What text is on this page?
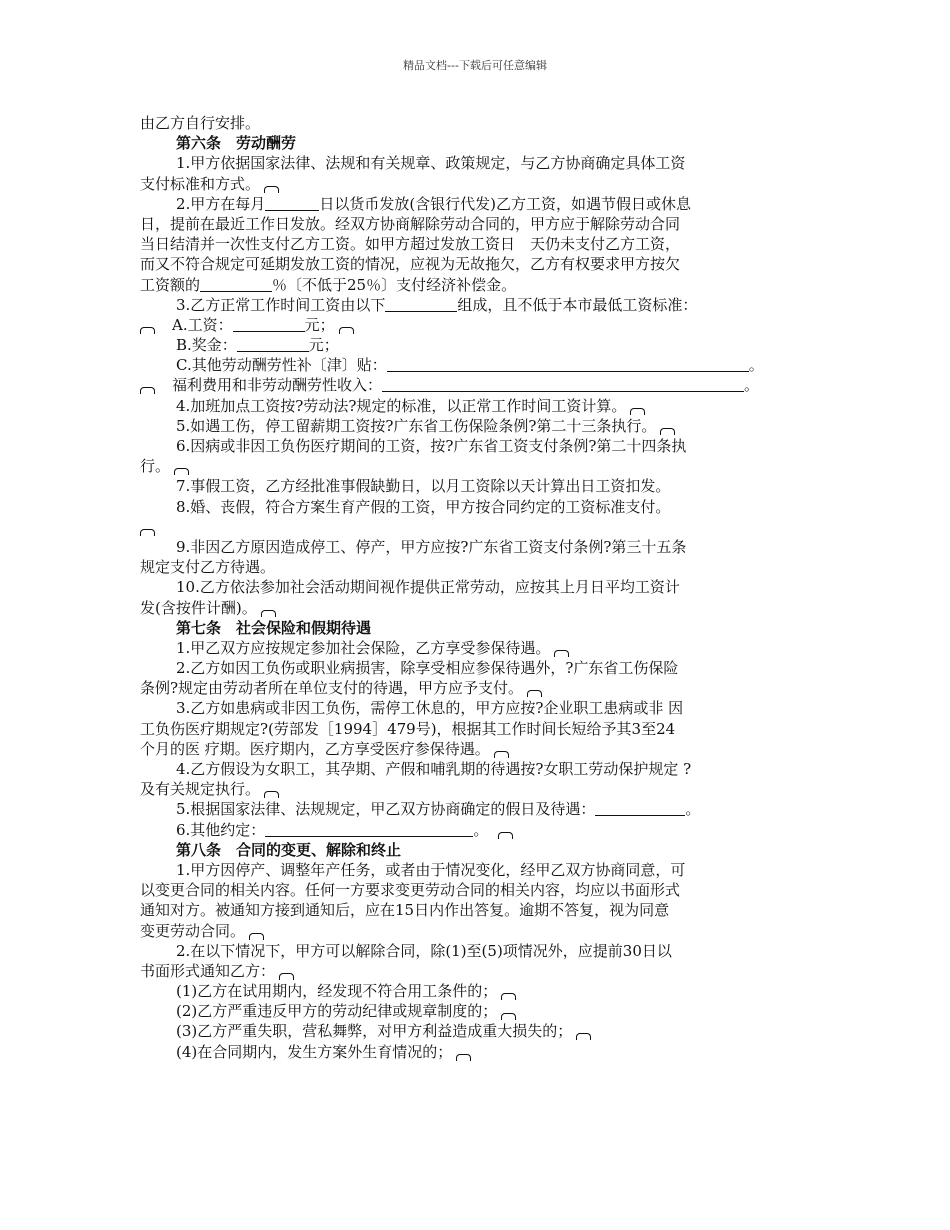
精品文档---下载后可任意编辑
由乙方自行安排。
第六条　劳动酬劳
1.甲方依据国家法律、法规和有关规章、政策规定，与乙方协商确定具体工资
支付标准和方式。
2.甲方在每月	日以货币发放(含银行代发)乙方工资，如遇节假日或休息
日，提前在最近工作日发放。经双方协商解除劳动合同的，甲方应于解除劳动合同
当日结清并一次性支付乙方工资。如甲方超过发放工资日　天仍未支付乙方工资，
而又不符合规定可延期发放工资的情况，应视为无故拖欠，乙方有权要求甲方按欠
工资额的	％〔不低于25％〕支付经济补偿金。
3.乙方正常工作时间工资由以下	组成，且不低于本市最低工资标准：
A.工资：	元；
B.奖金：	元；
C.其他劳动酬劳性补〔津〕贴：	。
福利费用和非劳动酬劳性收入：	。
4.加班加点工资按?劳动法?规定的标准，以正常工作时间工资计算。
5.如遇工伤，停工留薪期工资按?广东省工伤保险条例?第二十三条执行。
6.因病或非因工负伤医疗期间的工资，按?广东省工资支付条例?第二十四条执
行。
7.事假工资，乙方经批准事假缺勤日，以月工资除以天计算出日工资扣发。
8.婚、丧假，符合方案生育产假的工资，甲方按合同约定的工资标准支付。
9.非因乙方原因造成停工、停产，甲方应按?广东省工资支付条例?第三十五条
规定支付乙方待遇。
10.乙方依法参加社会活动期间视作提供正常劳动，应按其上月日平均工资计
发(含按件计酬)。
第七条　社会保险和假期待遇
1.甲乙双方应按规定参加社会保险，乙方享受参保待遇。
2.乙方如因工负伤或职业病损害，除享受相应参保待遇外，?广东省工伤保险
条例?规定由劳动者所在单位支付的待遇，甲方应予支付。
3.乙方如患病或非因工负伤，需停工休息的，甲方应按?企业职工患病或非 因
工负伤医疗期规定?(劳部发［1994］479号)，根据其工作时间长短给予其3至24
个月的医 疗期。医疗期内，乙方享受医疗参保待遇。
4.乙方假设为女职工，其孕期、产假和哺乳期的待遇按?女职工劳动保护规定 ?
及有关规定执行。
5.根据国家法律、法规规定，甲乙双方协商确定的假日及待遇：	。
6.其他约定：	。
第八条　合同的变更、解除和终止
1.甲方因停产、调整年产任务，或者由于情况变化，经甲乙双方协商同意，可
以变更合同的相关内容。任何一方要求变更劳动合同的相关内容，均应以书面形式
通知对方。被通知方接到通知后，应在15日内作出答复。逾期不答复，视为同意
变更劳动合同。
2.在以下情况下，甲方可以解除合同，除(1)至(5)项情况外，应提前30日以
书面形式通知乙方：
(1)乙方在试用期内，经发现不符合用工条件的；
(2)乙方严重违反甲方的劳动纪律或规章制度的；
(3)乙方严重失职，营私舞弊，对甲方利益造成重大损失的；
(4)在合同期内，发生方案外生育情况的；
